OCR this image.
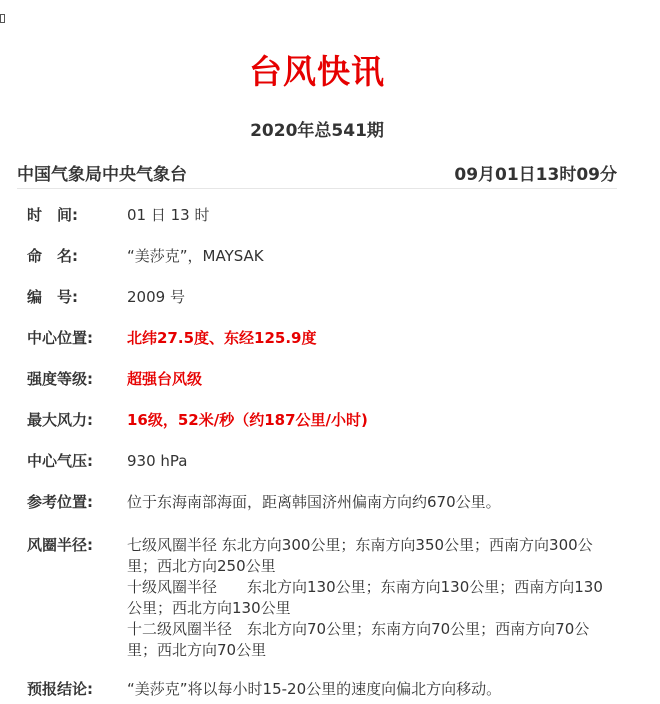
台风快讯
2020年总541期
中国气象局中央气象台	09月01日13时09分
时　间:	01 日 13 时
命　名:	“美莎克”，MAYSAK
编　号:	2009 号
中心位置:	北纬27.5度、东经125.9度
强度等级:	超强台风级
最大风力:	16级，52米/秒（约187公里/小时)
中心气压:	930 hPa
参考位置:	位于东海南部海面，距离韩国济州偏南方向约670公里。
风圈半径:	七级风圈半径 东北方向300公里；东南方向350公里；西南方向300公里；西北方向250公里
十级风圈半径　　东北方向130公里；东南方向130公里；西南方向130公里；西北方向130公里
十二级风圈半径　东北方向70公里；东南方向70公里；西南方向70公里；西北方向70公里
预报结论:	“美莎克”将以每小时15-20公里的速度向偏北方向移动。
